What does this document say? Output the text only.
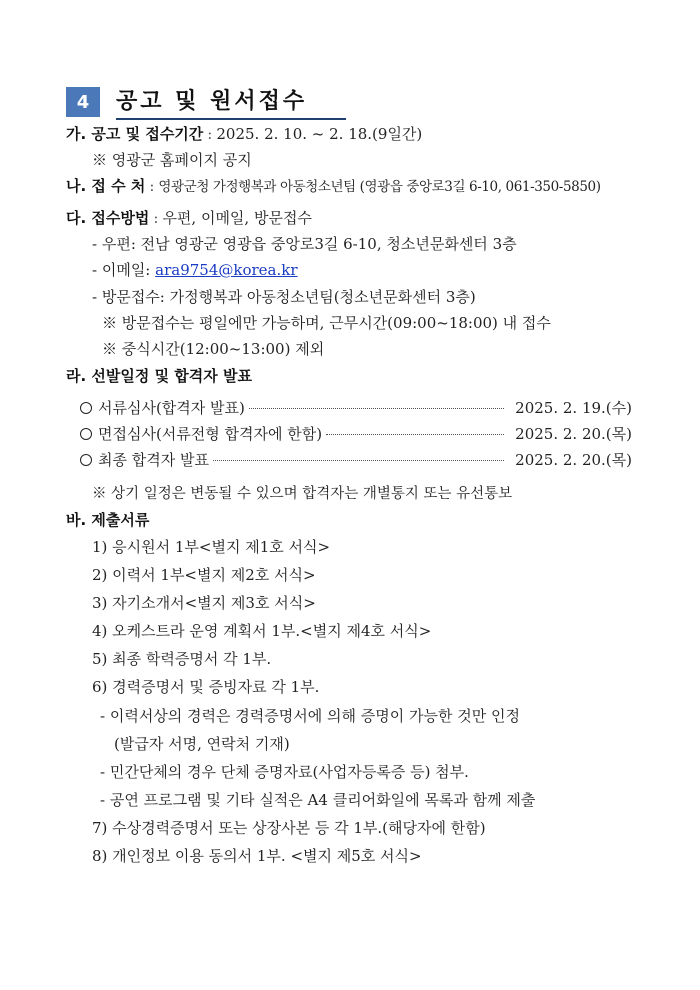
4	공고 및 원서접수
가. 공고 및 접수기간 : 2025. 2. 10. ~ 2. 18.(9일간)
※ 영광군 홈페이지 공지
나. 접 수 처 : 영광군청 가정행복과 아동청소년팀 (영광읍 중앙로3길 6-10, 061-350-5850)
다. 접수방법 : 우편, 이메일, 방문접수
- 우편: 전남 영광군 영광읍 중앙로3길 6-10, 청소년문화센터 3층
- 이메일: ara9754@korea.kr
- 방문접수: 가정행복과 아동청소년팀(청소년문화센터 3층)
※ 방문접수는 평일에만 가능하며, 근무시간(09:00~18:00) 내 접수
※ 중식시간(12:00~13:00) 제외
라. 선발일정 및 합격자 발표
서류심사(합격자 발표)	2025. 2. 19.(수)
면접심사(서류전형 합격자에 한함)	2025. 2. 20.(목)
최종 합격자 발표	2025. 2. 20.(목)
※ 상기 일정은 변동될 수 있으며 합격자는 개별통지 또는 유선통보
바. 제출서류
1) 응시원서 1부<별지 제1호 서식>
2) 이력서 1부<별지 제2호 서식>
3) 자기소개서<별지 제3호 서식>
4) 오케스트라 운영 계획서 1부.<별지 제4호 서식>
5) 최종 학력증명서 각 1부.
6) 경력증명서 및 증빙자료 각 1부.
- 이력서상의 경력은 경력증명서에 의해 증명이 가능한 것만 인정
(발급자 서명, 연락처 기재)
- 민간단체의 경우 단체 증명자료(사업자등록증 등) 첨부.
- 공연 프로그램 및 기타 실적은 A4 클리어화일에 목록과 함께 제출
7) 수상경력증명서 또는 상장사본 등 각 1부.(해당자에 한함)
8) 개인정보 이용 동의서 1부. <별지 제5호 서식>
